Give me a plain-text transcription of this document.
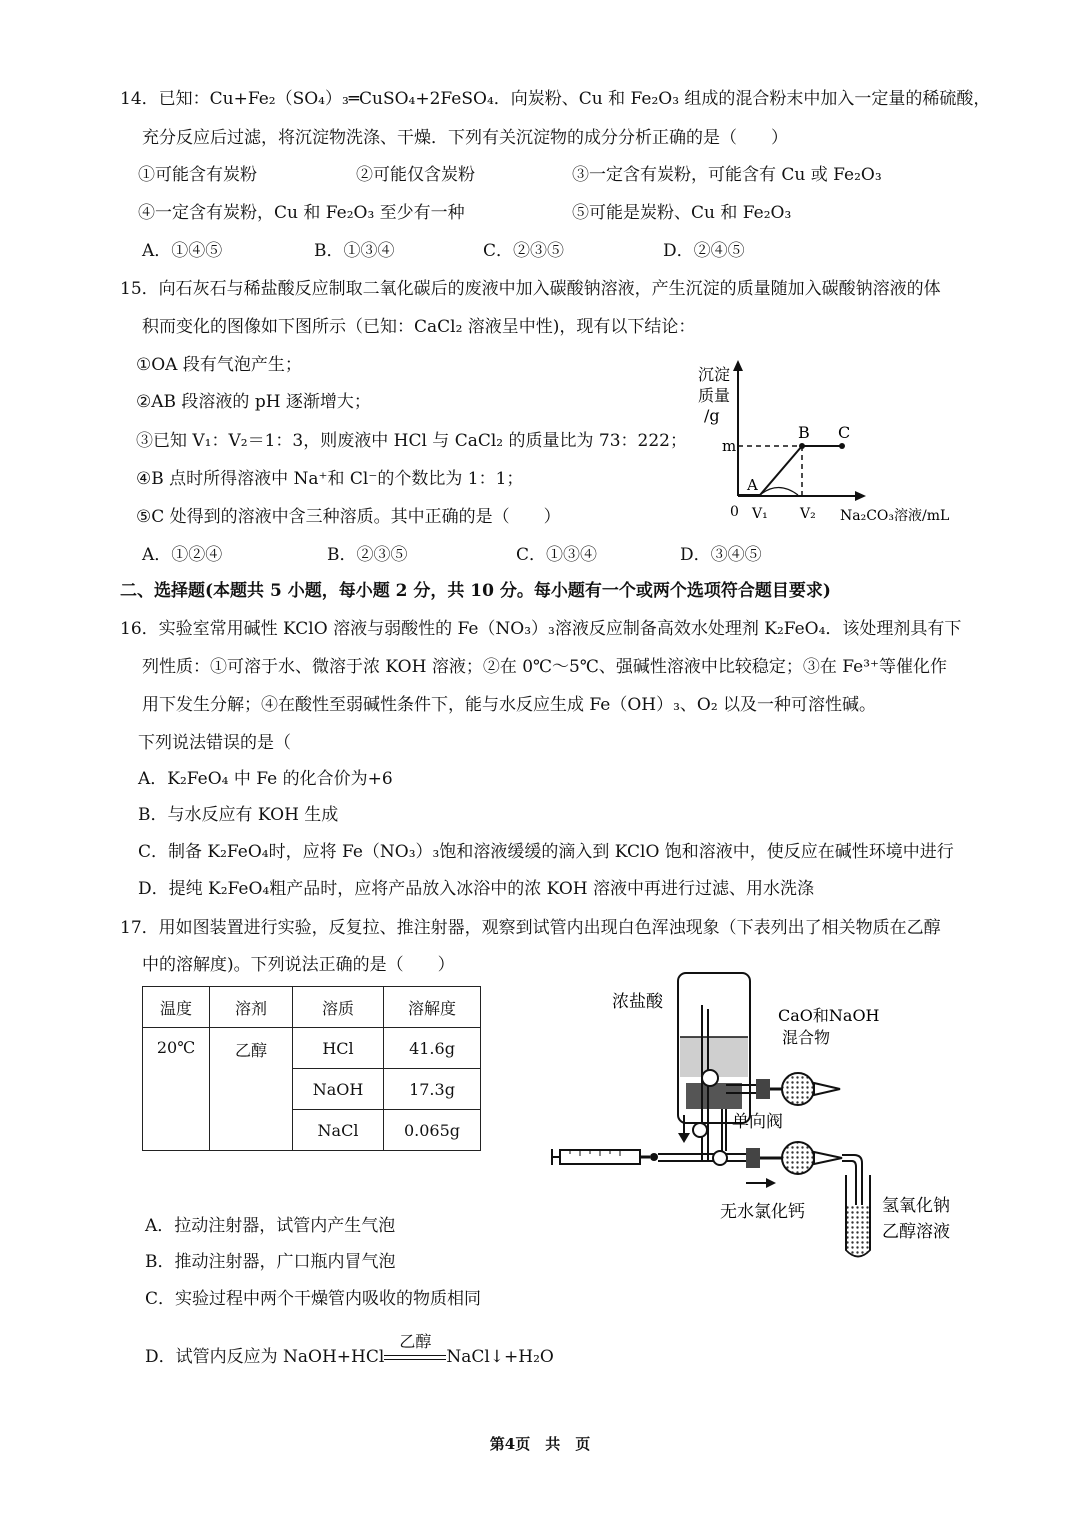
14．已知：Cu+Fe₂（SO₄）₃═CuSO₄+2FeSO₄．向炭粉、Cu 和 Fe₂O₃ 组成的混合粉末中加入一定量的稀硫酸，
充分反应后过滤，将沉淀物洗涤、干燥．下列有关沉淀物的成分分析正确的是（　　）
①可能含有炭粉	②可能仅含炭粉	③一定含有炭粉，可能含有 Cu 或 Fe₂O₃
④一定含有炭粉，Cu 和 Fe₂O₃ 至少有一种	⑤可能是炭粉、Cu 和 Fe₂O₃
A．①④⑤	B．①③④	C．②③⑤	D．②④⑤
15．向石灰石与稀盐酸反应制取二氧化碳后的废液中加入碳酸钠溶液，产生沉淀的质量随加入碳酸钠溶液的体
积而变化的图像如下图所示（已知：CaCl₂ 溶液呈中性)，现有以下结论：
①OA 段有气泡产生；
②AB 段溶液的 pH 逐渐增大；
③已知 V₁：V₂＝1：3，则废液中 HCl 与 CaCl₂ 的质量比为 73：222；
④B 点时所得溶液中 Na⁺和 Cl⁻的个数比为 1：1；
⑤C 处得到的溶液中含三种溶质。其中正确的是（　　）
A．①②④	B．②③⑤	C．①③④	D．③④⑤
沉淀
质量
/g
m
A
B C
0 V₁ V₂ Na₂CO₃溶液/mL
二、选择题(本题共 5 小题，每小题 2 分，共 10 分。每小题有一个或两个选项符合题目要求)
16．实验室常用碱性 KClO 溶液与弱酸性的 Fe（NO₃）₃溶液反应制备高效水处理剂 K₂FeO₄．该处理剂具有下
列性质：①可溶于水、微溶于浓 KOH 溶液；②在 0℃～5℃、强碱性溶液中比较稳定；③在 Fe³⁺等催化作
用下发生分解；④在酸性至弱碱性条件下，能与水反应生成 Fe（OH）₃、O₂ 以及一种可溶性碱。
下列说法错误的是（
A．K₂FeO₄ 中 Fe 的化合价为+6
B．与水反应有 KOH 生成
C．制备 K₂FeO₄时，应将 Fe（NO₃）₃饱和溶液缓缓的滴入到 KClO 饱和溶液中，使反应在碱性环境中进行
D．提纯 K₂FeO₄粗产品时，应将产品放入冰浴中的浓 KOH 溶液中再进行过滤、用水洗涤
17．用如图装置进行实验，反复拉、推注射器，观察到试管内出现白色浑浊现象（下表列出了相关物质在乙醇
中的溶解度)。下列说法正确的是（　　）
温度	溶剂	溶质	溶解度
20℃	乙醇	HCl	41.6g
		NaOH	17.3g
		NaCl	0.065g
浓盐酸
CaO和NaOH
混合物
单向阀
无水氯化钙	氢氧化钠
乙醇溶液
A．拉动注射器，试管内产生气泡
B．推动注射器，广口瓶内冒气泡
C．实验过程中两个干燥管内吸收的物质相同
D．试管内反应为 NaOH+HCl
乙醇
NaCl↓+H₂O
第4页　共　页
